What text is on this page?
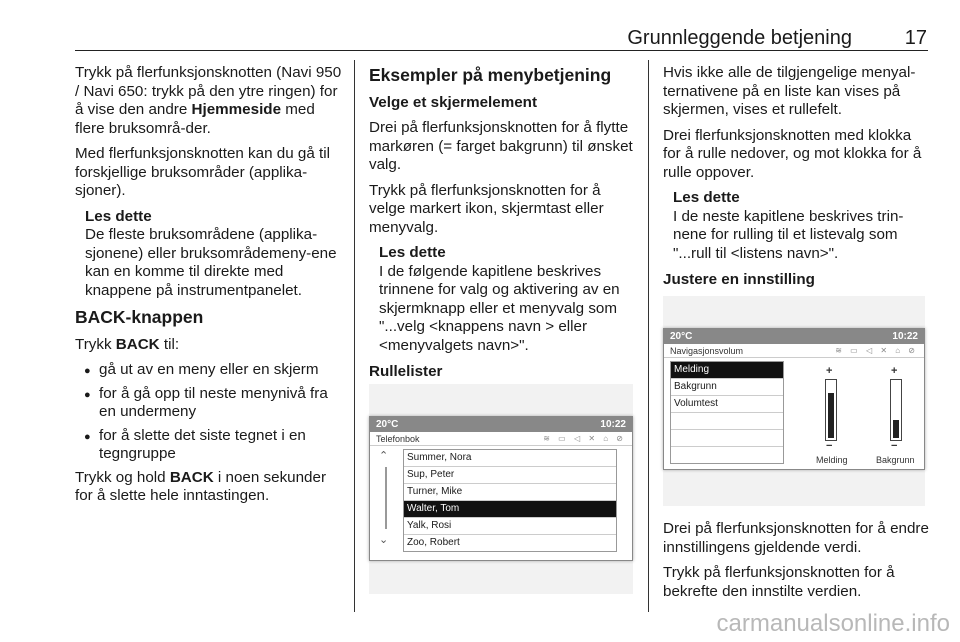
Grunnleggende betjening	17

Trykk på flerfunksjonsknotten (Navi 950 / Navi 650: trykk på den ytre ringen) for å vise den andre Hjemmeside med flere bruksområ-der.

Med flerfunksjonsknotten kan du gå til forskjellige bruksområder (applika-sjoner).

Les dette
De fleste bruksområdene (applika-sjonene) eller bruksområdemeny-ene kan en komme til direkte med knappene på instrumentpanelet.
BACK-knappen

Trykk BACK til:

● gå ut av en meny eller en skjerm
● for å gå opp til neste menynivå fra en undermeny
● for å slette det siste tegnet i en tegngruppe

Trykk og hold BACK i noen sekunder for å slette hele inntastingen.

Eksempler på menybetjening

Velge et skjermelement

Drei på flerfunksjonsknotten for å flytte markøren (= farget bakgrunn) til ønsket valg.

Trykk på flerfunksjonsknotten for å velge markert ikon, skjermtast eller menyvalg.

Les dette
I de følgende kapitlene beskrives trinnene for valg og aktivering av en skjermknapp eller et menyvalg som "...velg <knappens navn > eller <menyvalgets navn>".

Rullelister

20°C	10:22
Telefonbok	≋ ▭ ◁ ✕ ⌂ ⊘
⌃
⌄
Summer, Nora
Sup, Peter
Turner, Mike
Walter, Tom
Yalk, Rosi
Zoo, Robert

Hvis ikke alle de tilgjengelige menyal-ternativene på en liste kan vises på skjermen, vises et rullefelt.

Drei flerfunksjonsknotten med klokka for å rulle nedover, og mot klokka for å rulle oppover.

Les dette
I de neste kapitlene beskrives trin-nene for rulling til et listevalg som "...rull til <listens navn>".

Justere en innstilling

20°C	10:22
Navigasjonsvolum	≋ ▭ ◁ ✕ ⌂ ⊘
Melding
Bakgrunn
Volumtest
+
−
+
−
Melding	Bakgrunn

Drei på flerfunksjonsknotten for å endre innstillingens gjeldende verdi.

Trykk på flerfunksjonsknotten for å bekrefte den innstilte verdien.

carmanualsonline.info
